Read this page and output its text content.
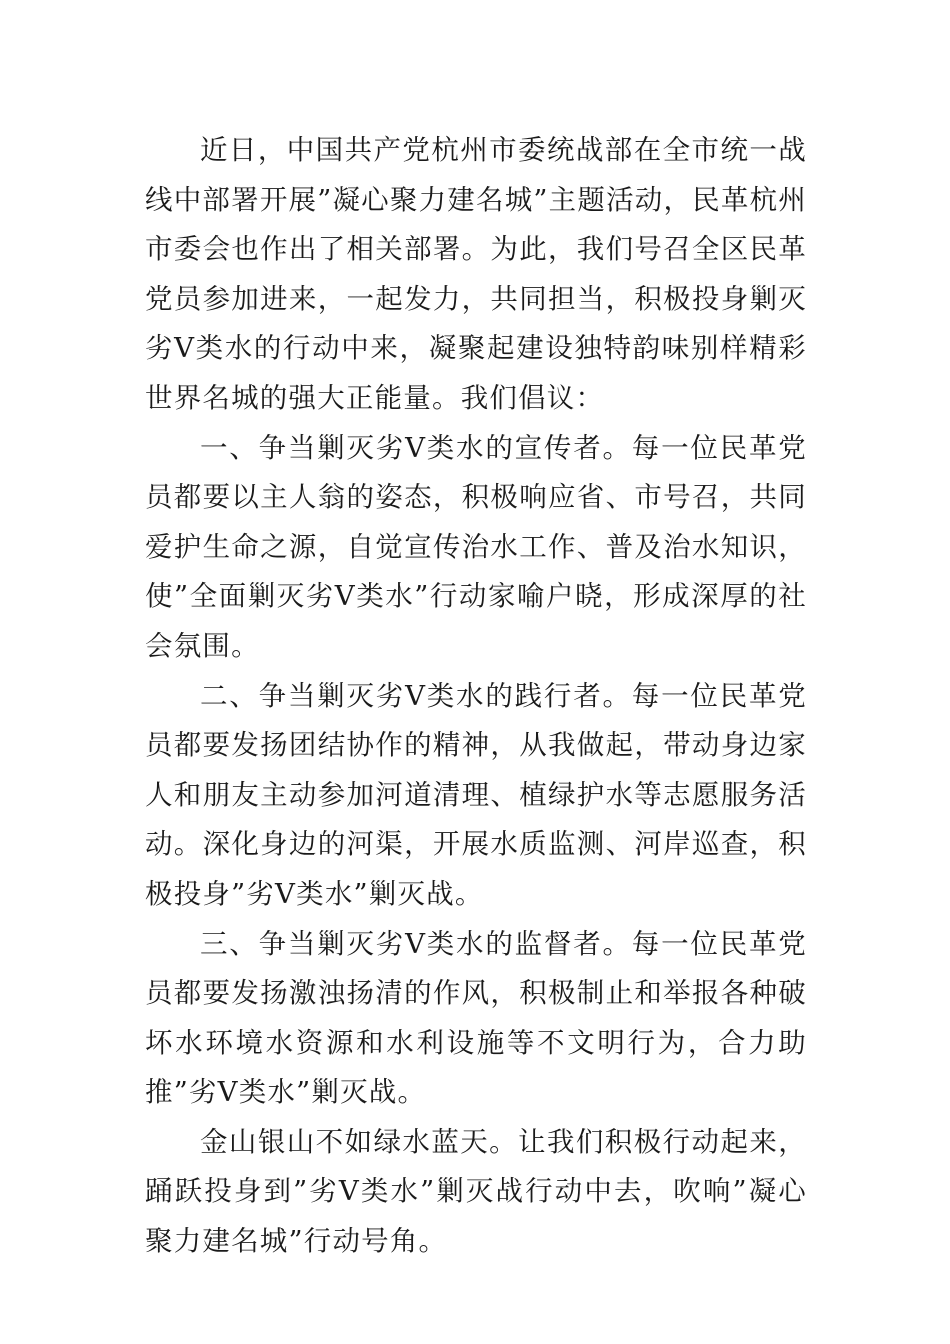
近日，中国共产党杭州市委统战部在全市统一战线中部署开展”凝心聚力建名城”主题活动，民革杭州市委会也作出了相关部署。为此，我们号召全区民革党员参加进来，一起发力，共同担当，积极投身剿灭劣Ⅴ类水的行动中来，凝聚起建设独特韵味别样精彩世界名城的强大正能量。我们倡议：

一、争当剿灭劣Ⅴ类水的宣传者。每一位民革党员都要以主人翁的姿态，积极响应省、市号召，共同爱护生命之源，自觉宣传治水工作、普及治水知识，使”全面剿灭劣Ⅴ类水”行动家喻户晓，形成深厚的社会氛围。

二、争当剿灭劣Ⅴ类水的践行者。每一位民革党员都要发扬团结协作的精神，从我做起，带动身边家人和朋友主动参加河道清理、植绿护水等志愿服务活动。深化身边的河渠，开展水质监测、河岸巡查，积极投身”劣Ⅴ类水”剿灭战。

三、争当剿灭劣Ⅴ类水的监督者。每一位民革党员都要发扬激浊扬清的作风，积极制止和举报各种破坏水环境水资源和水利设施等不文明行为，合力助推”劣Ⅴ类水”剿灭战。

金山银山不如绿水蓝天。让我们积极行动起来，踊跃投身到”劣Ⅴ类水”剿灭战行动中去，吹响”凝心聚力建名城”行动号角。
